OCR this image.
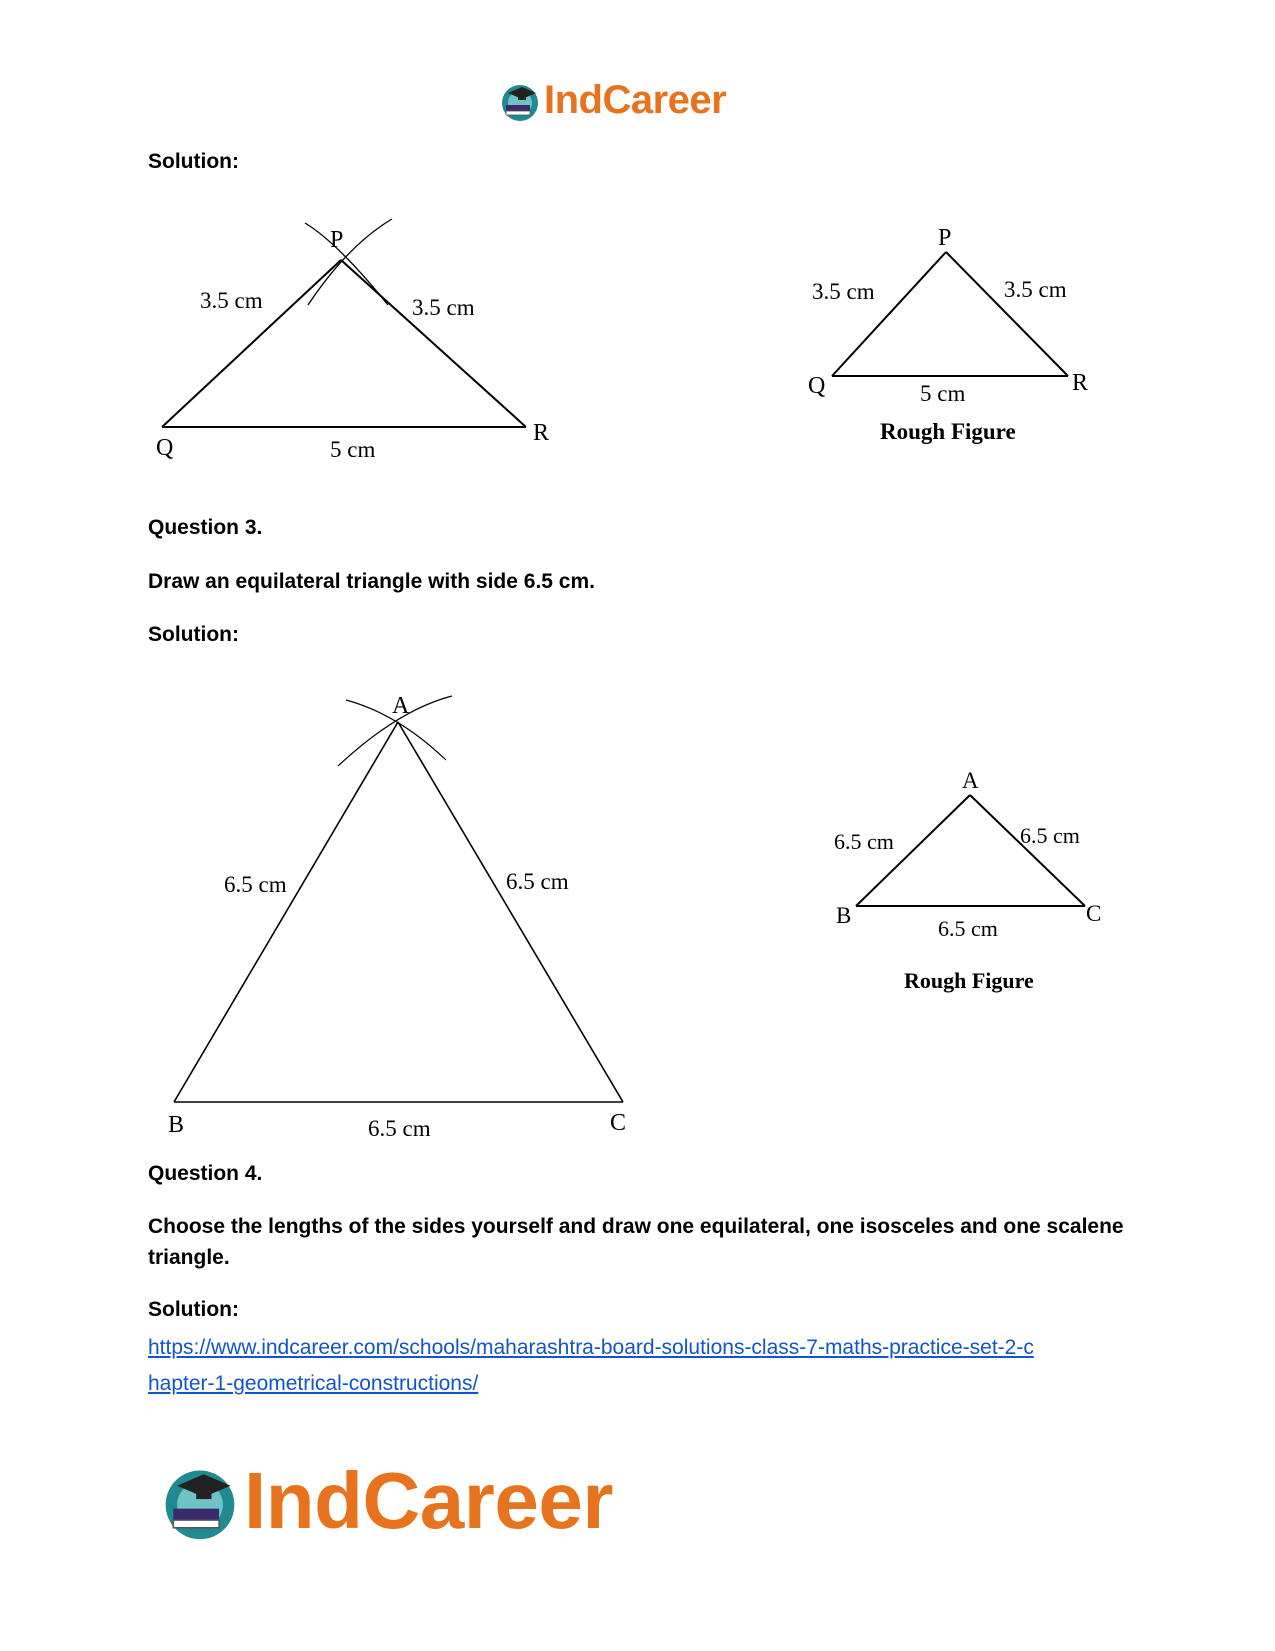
IndCareer
Solution:
P
Q
R
3.5 cm	3.5 cm
5 cm
P
Q	R
3.5 cm	3.5 cm
5 cm
Rough Figure
Question 3.
Draw an equilateral triangle with side 6.5 cm.
Solution:
A
B	C
6.5 cm	6.5 cm
6.5 cm
A
B	C
6.5 cm	6.5 cm
6.5 cm
Rough Figure
Question 4.
Choose the lengths of the sides yourself and draw one equilateral, one isosceles and one scalene triangle.
Solution:
https://www.indcareer.com/schools/maharashtra-board-solutions-class-7-maths-practice-set-2-c
hapter-1-geometrical-constructions/
IndCareer
